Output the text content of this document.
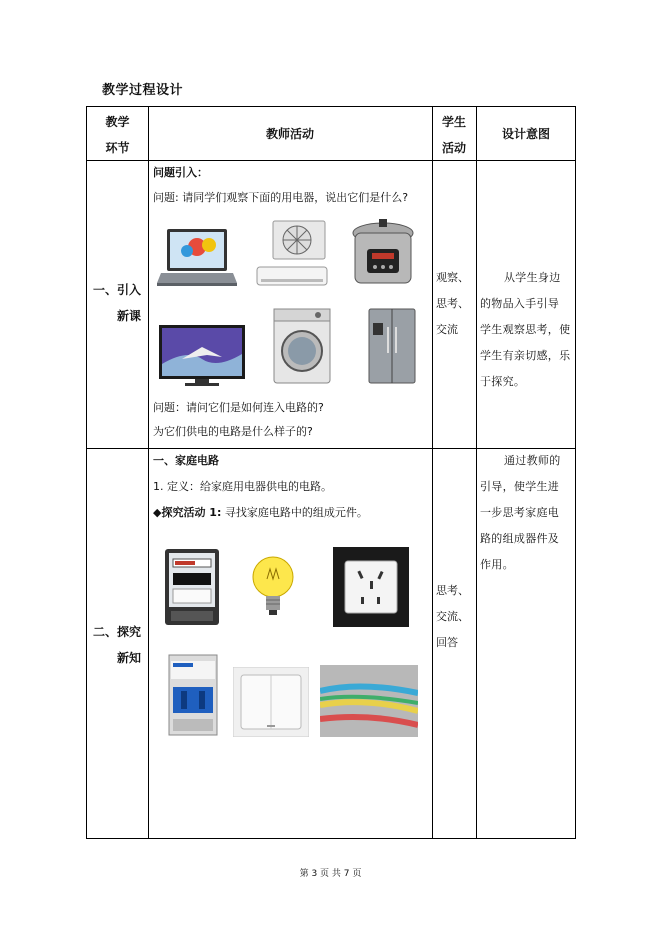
教学过程设计
教学
环节
教师活动
学生
活动
设计意图
一、引入
新课
问题引入：
问题: 请同学们观察下面的用电器，说出它们是什么?
问题：请问它们是如何连入电路的?
为它们供电的电路是什么样子的?
观察、
思考、
交流
从学生身边
的物品入手引导
学生观察思考，使
学生有亲切感，乐
于探究。
二、探究
新知
一、家庭电路
1. 定义：给家庭用电器供电的电路。
◆探究活动 1: 寻找家庭电路中的组成元件。
思考、
交流、
回答
通过教师的
引导，使学生进
一步思考家庭电
路的组成器件及
作用。
第 3 页 共 7 页
